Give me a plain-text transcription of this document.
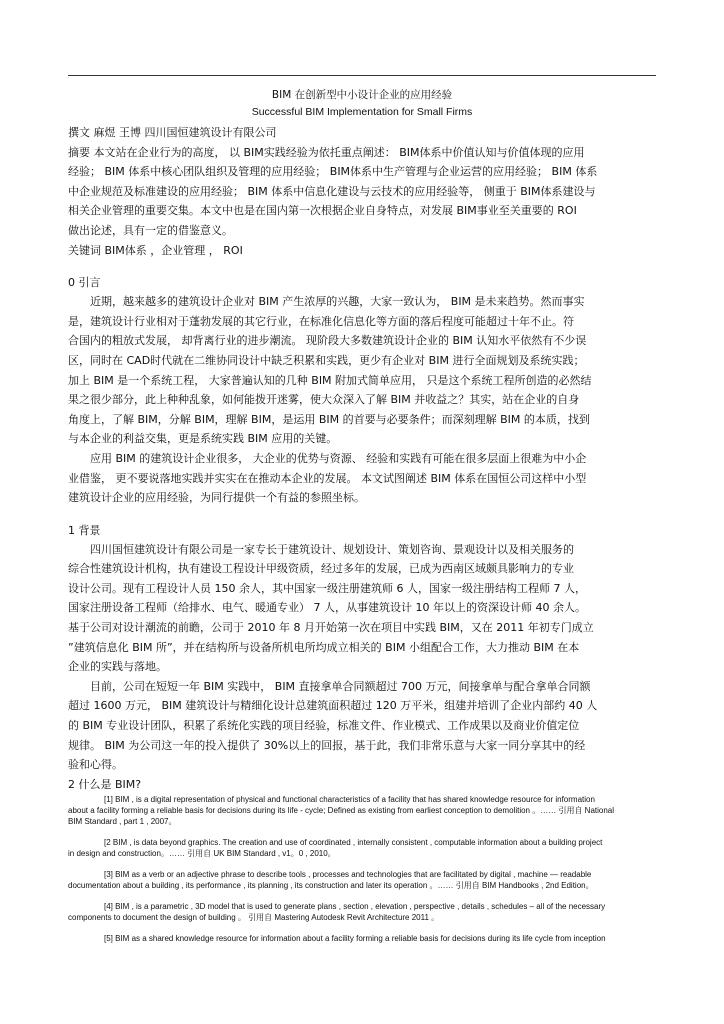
BIM 在创新型中小设计企业的应用经验
Successful BIM Implementation for Small Firms
撰文 麻煜 王博 四川国恒建筑设计有限公司
摘要 本文站在企业行为的高度， 以 BIM实践经验为依托重点阐述： BIM体系中价值认知与价值体现的应用
经验； BIM 体系中核心团队组织及管理的应用经验； BIM体系中生产管理与企业运营的应用经验； BIM 体系
中企业规范及标准建设的应用经验； BIM 体系中信息化建设与云技术的应用经验等， 侧重于 BIM体系建设与
相关企业管理的重要交集。本文中也是在国内第一次根据企业自身特点，对发展 BIM事业至关重要的 ROI
做出论述，具有一定的借鉴意义。
关键词 BIM体系 ，企业管理 ， ROI
0 引言
近期，越来越多的建筑设计企业对 BIM 产生浓厚的兴趣，大家一致认为， BIM 是未来趋势。然而事实
是，建筑设计行业相对于蓬勃发展的其它行业，在标准化信息化等方面的落后程度可能超过十年不止。符
合国内的粗放式发展， 却背离行业的进步潮流。 现阶段大多数建筑设计企业的 BIM 认知水平依然有不少误
区，同时在 CAD时代就在二维协同设计中缺乏积累和实践，更少有企业对 BIM 进行全面规划及系统实践；
加上 BIM 是一个系统工程， 大家普遍认知的几种 BIM 附加式简单应用， 只是这个系统工程所创造的必然结
果之很少部分，此上种种乱象，如何能拨开迷雾，使大众深入了解 BIM 并收益之？其实，站在企业的自身
角度上，了解 BIM，分解 BIM，理解 BIM，是运用 BIM 的首要与必要条件；而深刻理解 BIM 的本质，找到
与本企业的利益交集，更是系统实践 BIM 应用的关键。
应用 BIM 的建筑设计企业很多， 大企业的优势与资源、 经验和实践有可能在很多层面上很难为中小企
业借鉴， 更不要说落地实践并实实在在推动本企业的发展。 本文试图阐述 BIM 体系在国恒公司这样中小型
建筑设计企业的应用经验，为同行提供一个有益的参照坐标。
1 背景
四川国恒建筑设计有限公司是一家专长于建筑设计、规划设计、策划咨询、景观设计以及相关服务的
综合性建筑设计机构，执有建设工程设计甲级资质，经过多年的发展，已成为西南区域颇具影响力的专业
设计公司。现有工程设计人员 150 余人，其中国家一级注册建筑师 6 人，国家一级注册结构工程师 7 人，
国家注册设备工程师（给排水、电气、暖通专业） 7 人，从事建筑设计 10 年以上的资深设计师 40 余人。
基于公司对设计潮流的前瞻，公司于 2010 年 8 月开始第一次在项目中实践 BIM，又在 2011 年初专门成立
”建筑信息化 BIM 所”，并在结构所与设备所机电所均成立相关的 BIM 小组配合工作，大力推动 BIM 在本
企业的实践与落地。
目前，公司在短短一年 BIM 实践中， BIM 直接拿单合同额超过 700 万元，间接拿单与配合拿单合同额
超过 1600 万元， BIM 建筑设计与精细化设计总建筑面积超过 120 万平米，组建并培训了企业内部约 40 人
的 BIM 专业设计团队，积累了系统化实践的项目经验，标准文件、作业模式、工作成果以及商业价值定位
规律。 BIM 为公司这一年的投入提供了 30%以上的回报，基于此，我们非常乐意与大家一同分享其中的经
验和心得。
2 什么是 BIM?
[1] BIM , is a digital representation of physical and functional characteristics of a facility that has shared knowledge resource for information
about a facility forming a reliable basis for decisions during its life - cycle; Defined as existing from earliest conception to demolition 。…… 引用自 National
BIM Standard , part 1 , 2007。
[2 BIM , is data beyond graphics. The creation and use of coordinated , internally consistent , computable information about a building project
in design and construction。…… 引用自 UK BIM Standard , v1。0 , 2010。
[3] BIM as a verb or an adjective phrase to describe tools , processes and technologies that are facilitated by digital , machine — readable
documentation about a building , its performance , its planning , its construction and later its operation 。…… 引用自 BIM Handbooks , 2nd Edition。
[4] BIM , is a parametric , 3D model that is used to generate plans , section , elevation , perspective , details , schedules – all of the necessary
components to document the design of building 。 引用自 Mastering Autodesk Revit Architecture 2011 。
[5] BIM as a shared knowledge resource for information about a facility forming a reliable basis for decisions during its life cycle from inception
